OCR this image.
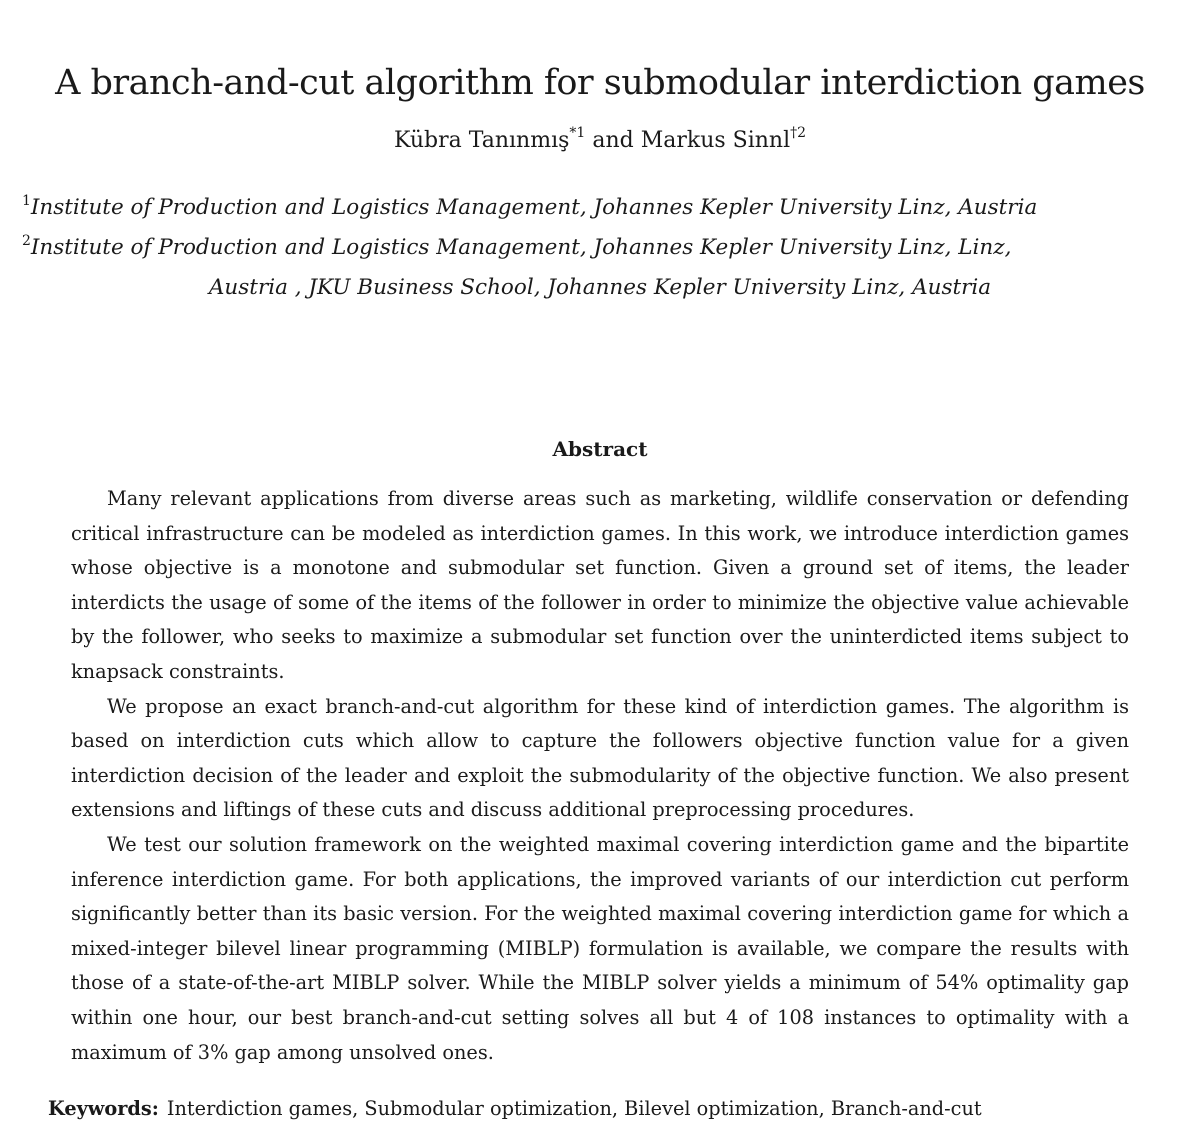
A branch-and-cut algorithm for submodular interdiction games
Kübra Tanınmış$^{*1}$ and Markus Sinnl$^{\dagger 2}$
$^1$Institute of Production and Logistics Management, Johannes Kepler University Linz, Austria
$^2$Institute of Production and Logistics Management, Johannes Kepler University Linz, Linz,
Austria , JKU Business School, Johannes Kepler University Linz, Austria
Abstract

Many relevant applications from diverse areas such as marketing, wildlife conservation or defending critical infrastructure can be modeled as interdiction games. In this work, we introduce interdiction games whose objective is a monotone and submodular set function. Given a ground set of items, the leader interdicts the usage of some of the items of the follower in order to minimize the objective value achievable by the follower, who seeks to maximize a submodular set function over the uninterdicted items subject to knapsack constraints.

We propose an exact branch-and-cut algorithm for these kind of interdiction games. The algorithm is based on interdiction cuts which allow to capture the followers objective function value for a given interdiction decision of the leader and exploit the submodularity of the objective function. We also present extensions and liftings of these cuts and discuss additional preprocessing procedures.

We test our solution framework on the weighted maximal covering interdiction game and the bipartite inference interdiction game. For both applications, the improved variants of our interdiction cut perform significantly better than its basic version. For the weighted maximal covering interdiction game for which a mixed-integer bilevel linear programming (MIBLP) formulation is available, we compare the results with those of a state-of-the-art MIBLP solver. While the MIBLP solver yields a minimum of 54% optimality gap within one hour, our best branch-and-cut setting solves all but 4 of 108 instances to optimality with a maximum of 3% gap among unsolved ones.

Keywords: Interdiction games, Submodular optimization, Bilevel optimization, Branch-and-cut
